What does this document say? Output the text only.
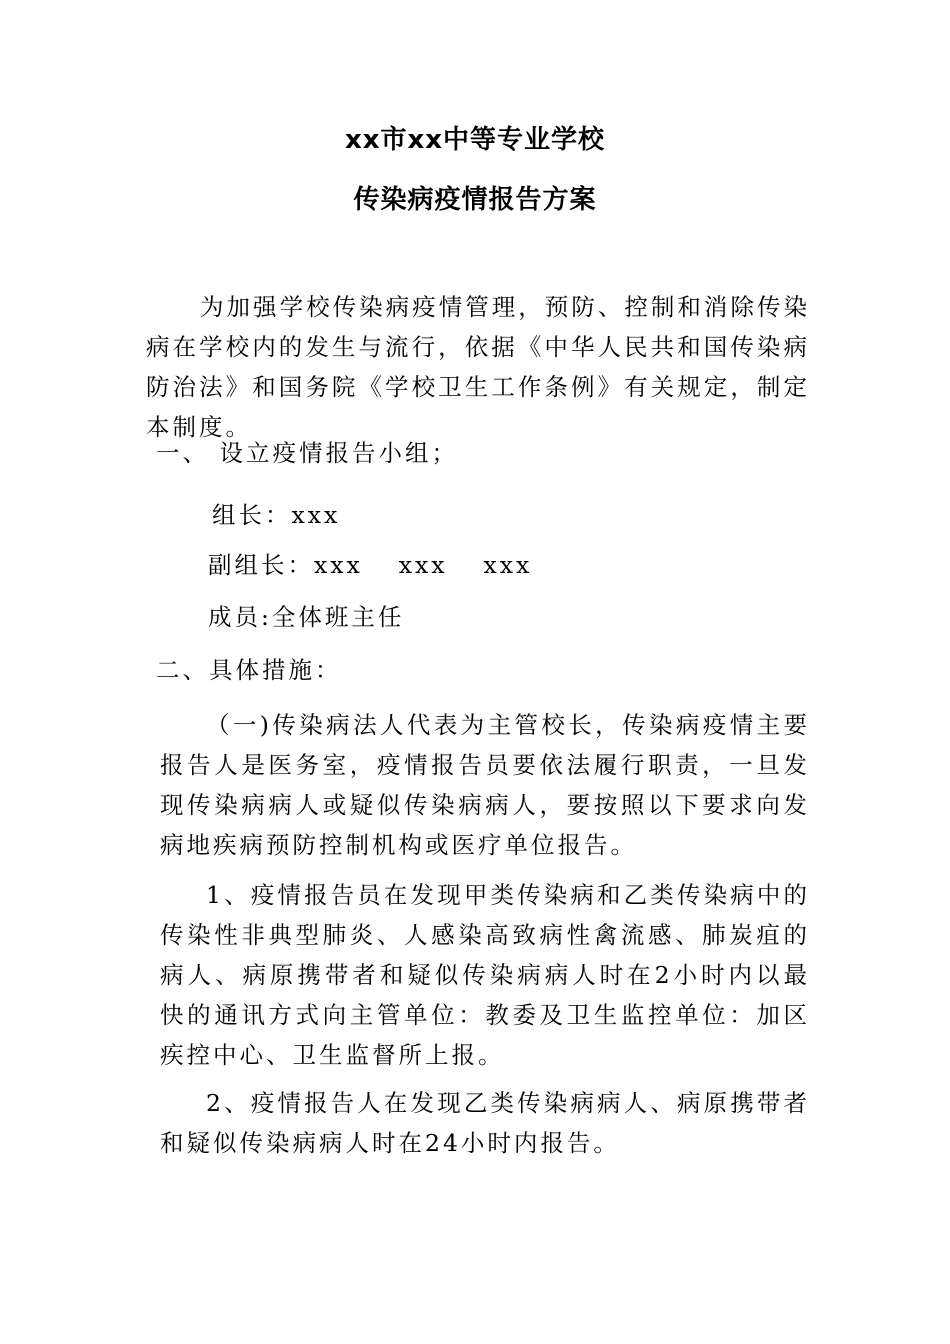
xx市xx中等专业学校
传染病疫情报告方案
为加强学校传染病疫情管理，预防、控制和消除传染病在学校内的发生与流行，依据《中华人民共和国传染病防治法》和国务院《学校卫生工作条例》有关规定，制定本制度。
一、 设立疫情报告小组；
组长：xxx
副组长：xxx xxx xxx
成员:全体班主任
二、具体措施：
（一)传染病法人代表为主管校长，传染病疫情主要报告人是医务室，疫情报告员要依法履行职责，一旦发现传染病病人或疑似传染病病人，要按照以下要求向发病地疾病预防控制机构或医疗单位报告。
1、疫情报告员在发现甲类传染病和乙类传染病中的传染性非典型肺炎、人感染高致病性禽流感、肺炭疽的病人、病原携带者和疑似传染病病人时在2小时内以最快的通讯方式向主管单位：教委及卫生监控单位：加区疾控中心、卫生监督所上报。
2、疫情报告人在发现乙类传染病病人、病原携带者和疑似传染病病人时在24小时内报告。
